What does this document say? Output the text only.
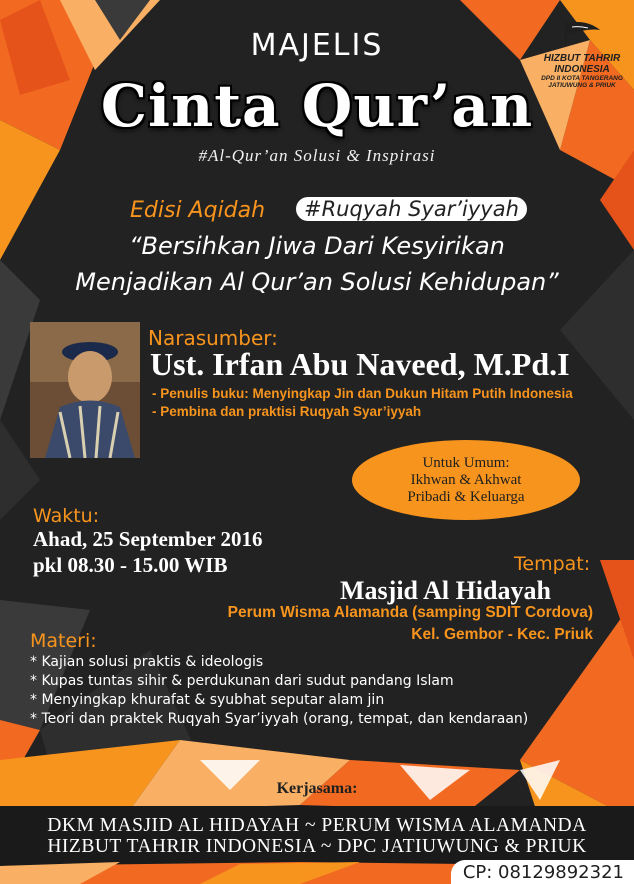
HIZBUT TAHRIR
INDONESIA
DPD II KOTA TANGERANG
JATIUWUNG & PRIUK
MAJELIS
Cinta Qur’an
#Al-Qur’an Solusi & Inspirasi
Edisi Aqidah	#Ruqyah Syar’iyyah
“Bersihkan Jiwa Dari Kesyirikan
Menjadikan Al Qur’an Solusi Kehidupan”
Narasumber:
Ust. Irfan Abu Naveed, M.Pd.I
- Penulis buku: Menyingkap Jin dan Dukun Hitam Putih Indonesia
- Pembina dan praktisi Ruqyah Syar’iyyah
Untuk Umum:
Ikhwan & Akhwat
Pribadi & Keluarga
Waktu:
Ahad, 25 September 2016
pkl 08.30 - 15.00 WIB	Tempat:
Masjid Al Hidayah
Perum Wisma Alamanda (samping SDIT Cordova)
Kel. Gembor - Kec. Priuk
Materi:
* Kajian solusi praktis & ideologis
* Kupas tuntas sihir & perdukunan dari sudut pandang Islam
* Menyingkap khurafat & syubhat seputar alam jin
* Teori dan praktek Ruqyah Syar’iyyah (orang, tempat, dan kendaraan)
Kerjasama:
DKM MASJID AL HIDAYAH ~ PERUM WISMA ALAMANDA
HIZBUT TAHRIR INDONESIA ~ DPC JATIUWUNG & PRIUK
CP: 08129892321
